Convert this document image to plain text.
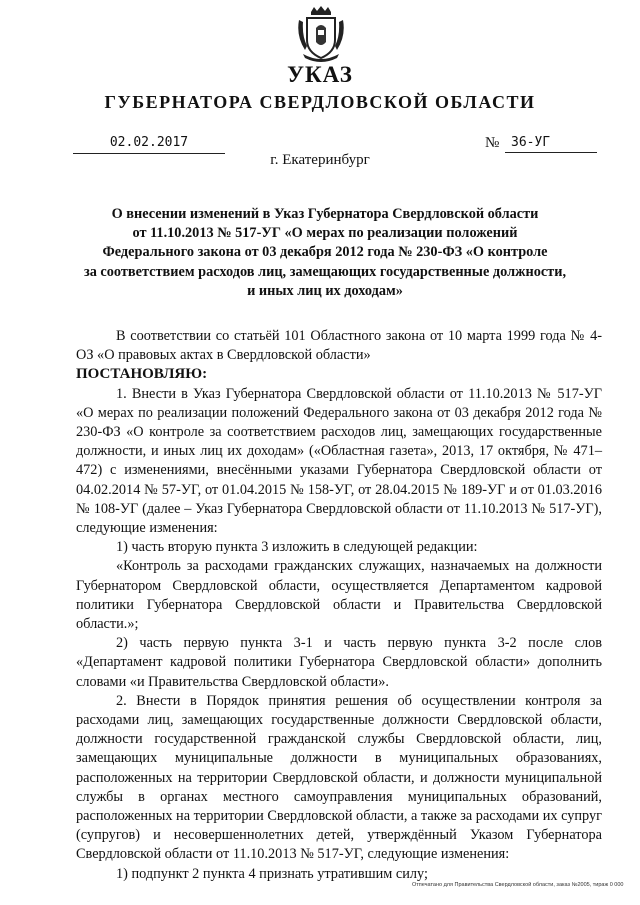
УКАЗ
ГУБЕРНАТОРА СВЕРДЛОВСКОЙ ОБЛАСТИ
02.02.2017	№ 36-УГ
г. Екатеринбург
О внесении изменений в Указ Губернатора Свердловской области
от 11.10.2013 № 517-УГ «О мерах по реализации положений
Федерального закона от 03 декабря 2012 года № 230-ФЗ «О контроле
за соответствием расходов лиц, замещающих государственные должности,
и иных лиц их доходам»

В соответствии со статьёй 101 Областного закона от 10 марта 1999 года № 4-ОЗ «О правовых актах в Свердловской области»

ПОСТАНОВЛЯЮ:

1. Внести в Указ Губернатора Свердловской области от 11.10.2013 № 517-УГ «О мерах по реализации положений Федерального закона от 03 декабря 2012 года № 230-ФЗ «О контроле за соответствием расходов лиц, замещающих государственные должности, и иных лиц их доходам» («Областная газета», 2013, 17 октября, № 471–472) с изменениями, внесёнными указами Губернатора Свердловской области от 04.02.2014 № 57-УГ, от 01.04.2015 № 158-УГ, от 28.04.2015 № 189-УГ и от 01.03.2016 № 108-УГ (далее – Указ Губернатора Свердловской области от 11.10.2013 № 517-УГ), следующие изменения:

1) часть вторую пункта 3 изложить в следующей редакции:

«Контроль за расходами гражданских служащих, назначаемых на должности Губернатором Свердловской области, осуществляется Департаментом кадровой политики Губернатора Свердловской области и Правительства Свердловской области.»;

2) часть первую пункта 3-1 и часть первую пункта 3-2 после слов «Департамент кадровой политики Губернатора Свердловской области» дополнить словами «и Правительства Свердловской области».

2. Внести в Порядок принятия решения об осуществлении контроля за расходами лиц, замещающих государственные должности Свердловской области, должности государственной гражданской службы Свердловской области, лиц, замещающих муниципальные должности в муниципальных образованиях, расположенных на территории Свердловской области, и должности муниципальной службы в органах местного самоуправления муниципальных образований, расположенных на территории Свердловской области, а также за расходами их супруг (супругов) и несовершеннолетних детей, утверждённый Указом Губернатора Свердловской области от 11.10.2013 № 517-УГ, следующие изменения:

1) подпункт 2 пункта 4 признать утратившим силу;

Отпечатано для Правительства Свердловской области, заказ №2005, тираж 0 000
